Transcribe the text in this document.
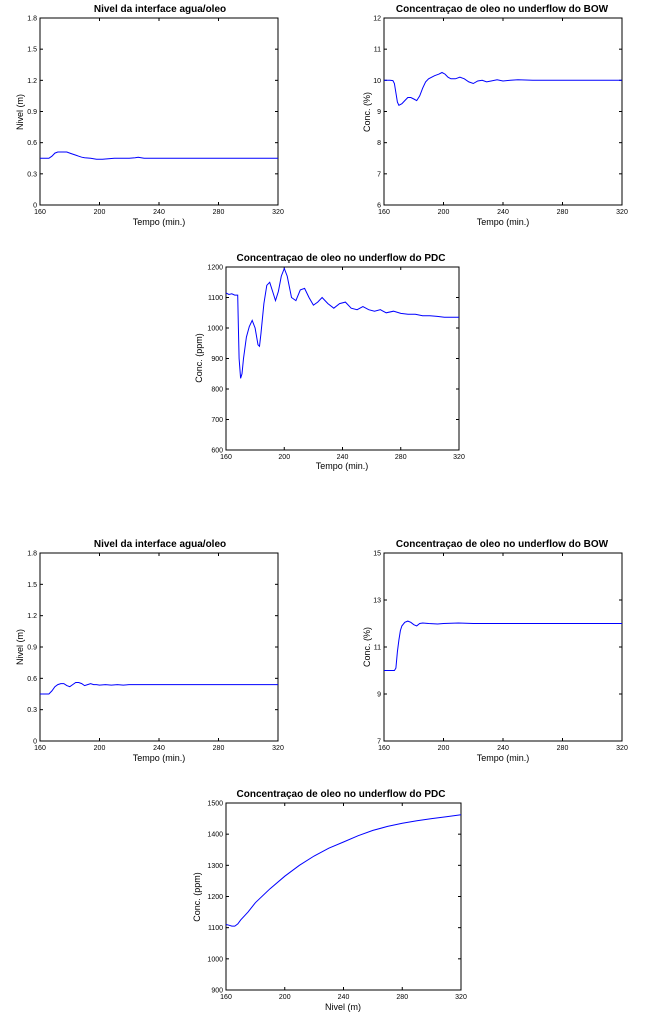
Nivel da interface agua/oleo
Tempo (min.)
Nivel (m)
160	200	240	280	320
0
0.3
0.6
0.9
1.2
1.5
1.8
Concentraçao de oleo no underflow do BOW
Tempo (min.)
Conc. (%)
160	200	240	280	320
6
7
8
9
10
11
12
Concentraçao de oleo no underflow do PDC
Tempo (min.)
Conc. (ppm)
160	200	240	280	320
600
700
800
900
1000
1100
1200
Nivel da interface agua/oleo
Tempo (min.)
Nivel (m)
160	200	240	280	320
0
0.3
0.6
0.9
1.2
1.5
1.8
Concentraçao de oleo no underflow do BOW
Tempo (min.)
Conc. (%)
160	200	240	280	320
7
9
11
13
15
Concentraçao de oleo no underflow do PDC
Nivel (m)
Conc. (ppm)
160	200	240	280	320
900
1000
1100
1200
1300
1400
1500
